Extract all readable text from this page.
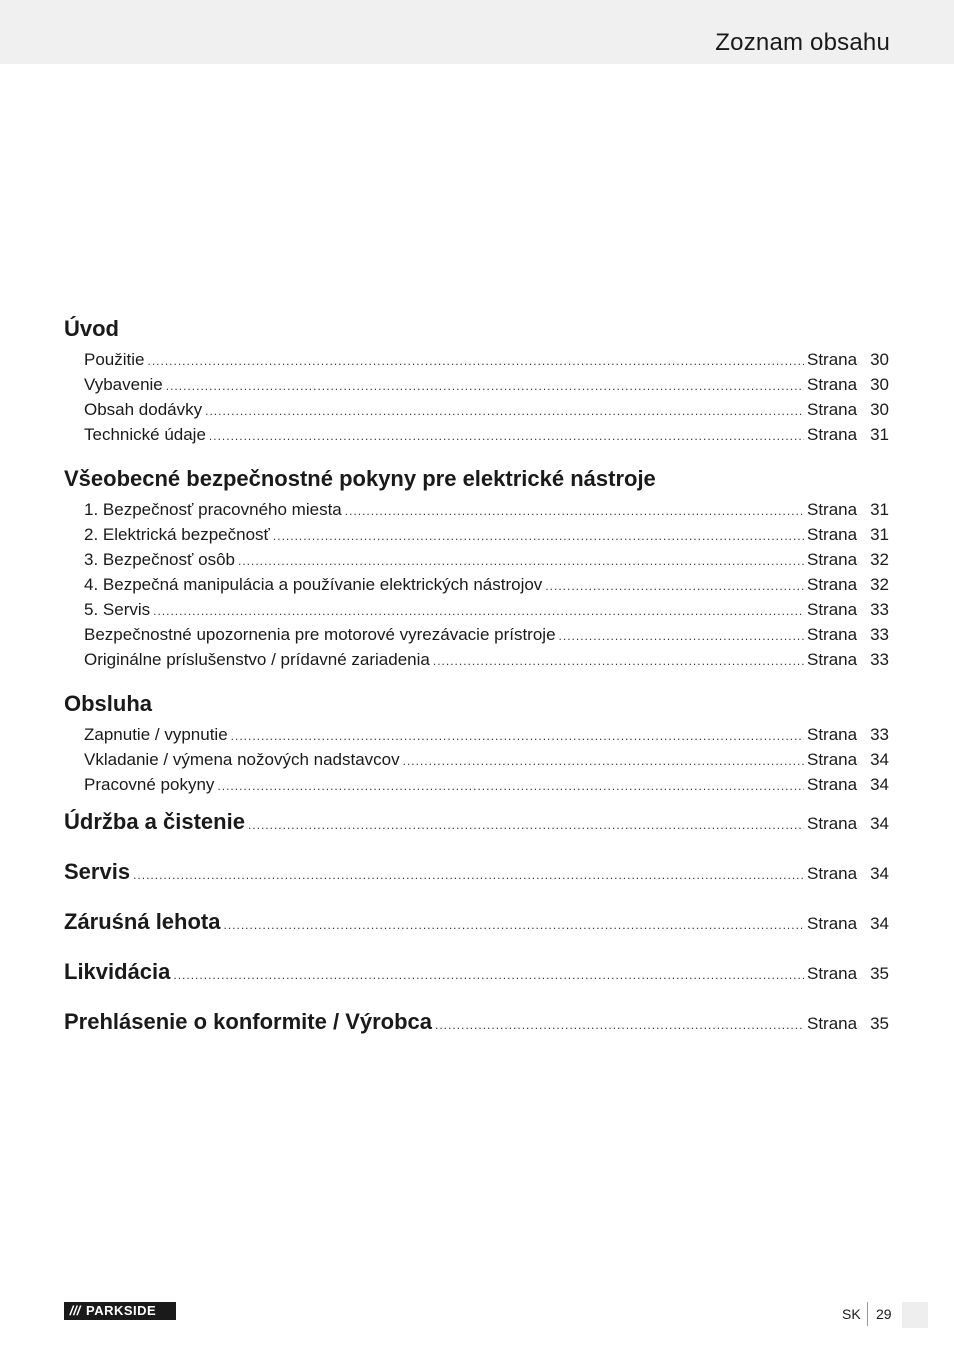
Zoznam obsahu
Úvod
Použitie .....	Strana 30
Vybavenie .....	Strana 30
Obsah dodávky .....	Strana 30
Technické údaje .....	Strana 31
Všeobecné bezpečnostné pokyny pre elektrické nástroje
1. Bezpečnosť pracovného miesta .....	Strana 31
2. Elektrická bezpečnosť .....	Strana 31
3. Bezpečnosť osôb .....	Strana 32
4. Bezpečná manipulácia a používanie elektrických nástrojov .....	Strana 32
5. Servis .....	Strana 33
Bezpečnostné upozornenia pre motorové vyrezávacie prístroje .....	Strana 33
Originálne príslušenstvo / prídavné zariadenia .....	Strana 33
Obsluha
Zapnutie / vypnutie .....	Strana 33
Vkladanie / výmena nožových nadstavcov .....	Strana 34
Pracovné pokyny .....	Strana 34
Údržba a čistenie .....	Strana 34
Servis .....	Strana 34
Záruśná lehota .....	Strana 34
Likvidácia .....	Strana 35
Prehlásenie o konformite / Výrobca .....	Strana 35
/// PARKSIDE	SK 29
